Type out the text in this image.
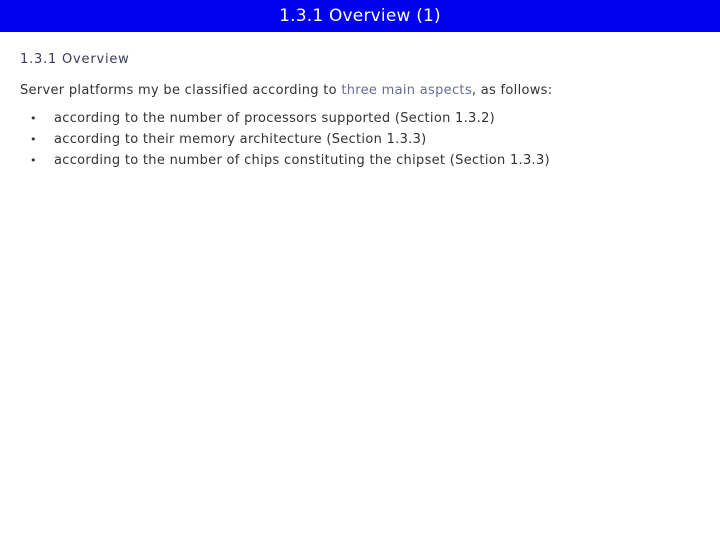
1.3.1 Overview (1)
1.3.1 Overview
Server platforms my be classified according to three main aspects, as follows:
• according to the number of processors supported (Section 1.3.2)
• according to their memory architecture (Section 1.3.3)
• according to the number of chips constituting the chipset (Section 1.3.3)
